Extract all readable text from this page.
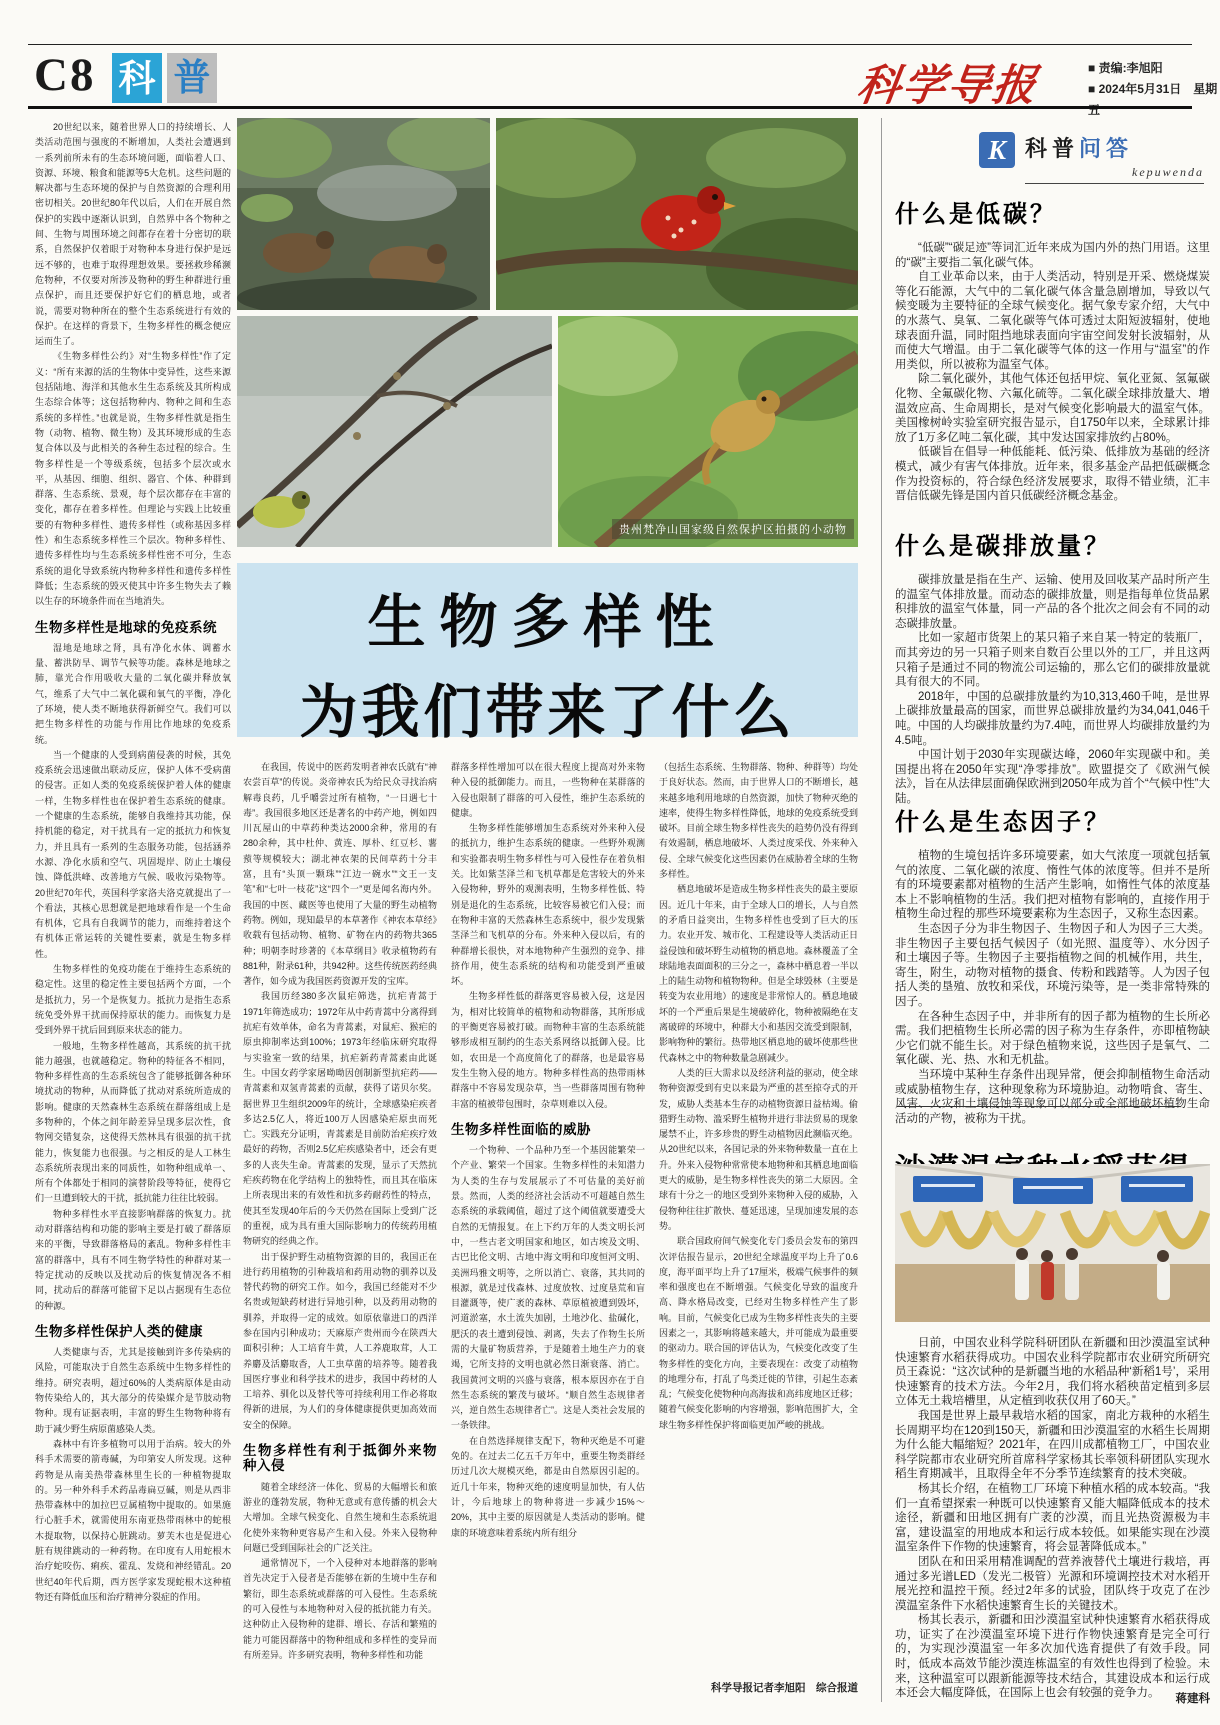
C8 科 普	科学导报	■ 责编:李旭阳
■ 2024年5月31日　星期五

20世纪以来，随着世界人口的持续增长、人类活动范围与强度的不断增加，人类社会遭遇到一系列前所未有的生态环境问题，面临着人口、资源、环境、粮食和能源等5大危机。这些问题的解决都与生态环境的保护与自然资源的合理利用密切相关。20世纪80年代以后，人们在开展自然保护的实践中逐渐认识到，自然界中各个物种之间、生物与周围环境之间都存在着十分密切的联系，自然保护仅着眼于对物种本身进行保护是远远不够的，也难于取得理想效果。要拯救珍稀濒危物种，不仅要对所涉及物种的野生种群进行重点保护，而且还要保护好它们的栖息地，或者说，需要对物种所在的整个生态系统进行有效的保护。在这样的背景下，生物多样性的概念便应运而生了。

《生物多样性公约》对“生物多样性”作了定义：“所有来源的活的生物体中变异性，这些来源包括陆地、海洋和其他水生生态系统及其所构成生态综合体等；这包括物种内、物种之间和生态系统的多样性。”也就是说，生物多样性就是指生物（动物、植物、微生物）及其环境形成的生态复合体以及与此相关的各种生态过程的综合。生物多样性是一个等级系统，包括多个层次或水平，从基因、细胞、组织、器官、个体、种群到群落、生态系统、景观，每个层次都存在丰富的变化，都存在着多样性。但理论与实践上比较重要的有物种多样性、遗传多样性（或称基因多样性）和生态系统多样性三个层次。物种多样性、遗传多样性均与生态系统多样性密不可分，生态系统的退化导致系统内物种多样性和遗传多样性降低；生态系统的毁灭使其中许多生物失去了赖以生存的环境条件而在当地消失。

生物多样性是地球的免疫系统

湿地是地球之肾，具有净化水体、调蓄水量、蓄洪防旱、调节气候等功能。森林是地球之肺，靠光合作用吸收大量的二氧化碳并释放氧气，维系了大气中二氧化碳和氧气的平衡，净化了环境，使人类不断地获得新鲜空气。我们可以把生物多样性的功能与作用比作地球的免疫系统。

当一个健康的人受到病菌侵袭的时候，其免疫系统会迅速做出联动反应，保护人体不受病菌的侵害。正如人类的免疫系统保护着人体的健康一样，生物多样性也在保护着生态系统的健康。一个健康的生态系统，能够自我维持其功能，保持机能的稳定，对干扰具有一定的抵抗力和恢复力，并且具有一系列的生态服务功能，包括涵养水源、净化水质和空气、巩固堤岸、防止土壤侵蚀、降低洪峰、改善地方气候、吸收污染物等。20世纪70年代，英国科学家洛夫洛克就提出了一个看法，其核心思想就是把地球看作是一个生命有机体，它具有自我调节的能力，而维持着这个有机体正常运转的关键性要素，就是生物多样性。

生物多样性的免疫功能在于维持生态系统的稳定性。这里的稳定性主要包括两个方面，一个是抵抗力，另一个是恢复力。抵抗力是指生态系统免受外界干扰而保持原状的能力。而恢复力是受到外界干扰后回到原来状态的能力。

一般地，生物多样性越高，其系统的抗干扰能力越强，也就越稳定。物种的特征各不相同，物种多样性高的生态系统包含了能够抵御各种环境扰动的物种，从而降低了扰动对系统所造成的影响。健康的天然森林生态系统在群落组成上是多物种的，个体之间年龄差异呈现多层次性，食物网交错复杂，这使得天然林具有很强的抗干扰能力，恢复能力也很强。与之相反的是人工林生态系统所表现出来的同质性，如物种组成单一、所有个体都处于相同的演替阶段等特征，使得它们一旦遭到较大的干扰，抵抗能力往往比较弱。

物种多样性水平直接影响群落的恢复力。扰动对群落结构和功能的影响主要是打破了群落原来的平衡，导致群落格局的紊乱。物种多样性丰富的群落中，具有不同生物学特性的种群对某一特定扰动的反映以及扰动后的恢复情况各不相同，扰动后的群落可能留下足以占据现有生态位的种源。

生物多样性保护人类的健康

人类健康与否，尤其是接触到许多传染病的风险，可能取决于自然生态系统中生物多样性的维持。研究表明，超过60%的人类病原体是由动物传染给人的，其大部分的传染媒介是节肢动物物种。现有证据表明，丰富的野生生物物种将有助于减少野生病原菌感染人类。

森林中有许多植物可以用于治病。较大的外科手术需要的箭毒碱，为印第安人所发现。这种药物是从南美热带森林里生长的一种植物提取的。另一种外科手术药品毒扁豆碱，则是从西非热带森林中的加拉巴豆属植物中提取的。如果施行心脏手术，就需使用东南亚热带雨林中的蛇根木提取物，以保持心脏跳动。萝芙木也是促进心脏有规律跳动的一种药物。在印度有人用蛇根木治疗蛇咬伤、痢疾、霍乱、发烧和神经错乱。20世纪40年代后期，西方医学家发现蛇根木这种植物还有降低血压和治疗精神分裂症的作用。

贵州梵净山国家级自然保护区拍摄的小动物
生物多样性
为我们带来了什么

在我国，传说中的医药发明者神农氏就有“神农尝百草”的传说。炎帝神农氏为给民众寻找治病解毒良药，几乎嚼尝过所有植物，“一日遇七十毒”。我国很多地区还是著名的中药产地，例如四川瓦屋山的中草药种类达2000余种，常用的有280余种，其中杜仲、黄连、厚朴、红豆杉、薯蓣等规模较大；湖北神农架的民间草药十分丰富，且有“头顶一颗珠”“江边一碗水”“文王一支笔”和“七叶一枝花”这“四个一”更是闻名海内外。我国的中医、藏医等也使用了大量的野生动植物药物。例如，现知最早的本草著作《神农本草经》收载有包括动物、植物、矿物在内的药物共365种；明朝李时珍著的《本草纲目》收录植物药有881种，附录61种，共942种。这些传统医药经典著作，如今成为我国医药资源开发的宝库。

我国历经380多次鼠疟筛选，抗疟青蒿于1971年筛选成功；1972年从中药青蒿中分离得到抗疟有效单体，命名为青蒿素，对鼠疟、猴疟的原虫抑制率达到100%；1973年经临床研究取得与实验室一致的结果，抗疟新药青蒿素由此诞生。中国女药学家屠呦呦因创制新型抗疟药——青蒿素和双氢青蒿素的贡献，获得了诺贝尔奖。据世界卫生组织2009年的统计，全球感染疟疾者多达2.5亿人，将近100万人因感染疟原虫而死亡。实践充分证明，青蒿素是目前防治疟疾疗效最好的药物，否则2.5亿疟疾感染者中，还会有更多的人丧失生命。青蒿素的发现，显示了天然抗疟疾药物在化学结构上的独特性，而且其在临床上所表现出来的有效性和抗多药耐药性的特点，使其至发现40年后的今天仍然在国际上受到广泛的重视，成为具有重大国际影响力的传统药用植物研究的经典之作。

出于保护野生动植物资源的目的，我国正在进行药用植物的引种栽培和药用动物的驯养以及替代药物的研究工作。如今，我国已经能对不少名贵或短缺药材进行异地引种，以及药用动物的驯养，并取得一定的成效。如原依靠进口的西洋参在国内引种成功；天麻原产贵州而今在陕西大面积引种；人工培育牛黄，人工养鹿取茸，人工养麝及活麝取香，人工虫草菌的培养等。随着我国医疗事业和科学技术的进步，我国中药材的人工培养、驯化以及替代等可持续利用工作必将取得新的进展，为人们的身体健康提供更加高效而安全的保障。

生物多样性有利于抵御外来物种入侵

随着全球经济一体化、贸易的大幅增长和旅游业的蓬勃发展，物种无意或有意传播的机会大大增加。全球气候变化、自然生境和生态系统退化使外来物种更容易产生和入侵。外来入侵物种问题已受到国际社会的广泛关注。

通常情况下，一个入侵种对本地群落的影响首先决定于入侵者是否能够在新的生境中生存和繁衍，即生态系统或群落的可入侵性。生态系统的可入侵性与本地物种对入侵的抵抗能力有关。这种防止入侵物种的建群、增长、存活和繁殖的能力可能因群落中的物种组成和多样性的变异而有所差异。许多研究表明，物种多样性和功能

群落多样性增加可以在很大程度上提高对外来物种入侵的抵御能力。而且，一些物种在某群落的入侵也限制了群落的可入侵性，维护生态系统的健康。

生物多样性能够增加生态系统对外来种入侵的抵抗力，维护生态系统的健康。一些野外观测和实验都表明生物多样性与可入侵性存在着负相关。比如紫茎泽兰和飞机草都是危害较大的外来入侵物种，野外的观测表明，生物多样性低、特别是退化的生态系统，比较容易被它们入侵；而在物种丰富的天然森林生态系统中，很少发现紫茎泽兰和飞机草的分布。外来种入侵以后，有的种群增长很快，对本地物种产生强烈的竞争、排挤作用，使生态系统的结构和功能受到严重破坏。

生物多样性低的群落更容易被入侵，这是因为，相对比较简单的植物和动物群落，其所形成的平衡更容易被打破。而物种丰富的生态系统能够形成相互制约的生态关系网络以抵御入侵。比如，农田是一个高度简化了的群落，也是最容易发生生物入侵的地方。物种多样性高的热带雨林群落中不容易发现杂草，当一些群落周围有物种丰富的植被带包围时，杂草则难以入侵。

生物多样性面临的威胁

一个物种、一个品种乃至一个基因能繁荣一个产业、繁荣一个国家。生物多样性的未知潜力为人类的生存与发展展示了不可估量的美好前景。然而，人类的经济社会活动不可超越自然生态系统的承载阈值，超过了这个阈值就要遭受大自然的无情报复。在上下约万年的人类文明长河中，一些古老文明国家和地区，如古埃及文明、古巴比伦文明、古地中海文明和印度恒河文明、美洲玛雅文明等，之所以消亡、衰落，其共同的根源，就是过伐森林、过度放牧、过度垦荒和盲目灌溉等，使广袤的森林、草原植被遭到毁坏，河道淤塞，水土流失加剧，土地沙化、盐碱化，肥沃的表土遭到侵蚀、剥离，失去了作物生长所需的大量矿物质营养，于是随着土地生产力的衰竭，它所支持的文明也就必然日渐衰落、消亡。我国黄河文明的兴盛与衰落，根本原因亦在于自然生态系统的繁茂与破坏。“顺自然生态规律者兴，逆自然生态规律者亡”。这是人类社会发展的一条铁律。

在自然选择规律支配下，物种灭绝是不可避免的。在过去二亿五千万年中，重要生物类群经历过几次大规模灭绝，都是由自然原因引起的。近几十年来，物种灭绝的速度明显加快，有人估计，今后地球上的物种将进一步减少15%～20%，其中主要的原因就是人类活动的影响。健康的环境意味着系统内所有组分

（包括生态系统、生物群落、物种、种群等）均处于良好状态。然而，由于世界人口的不断增长，越来越多地利用地球的自然资源，加快了物种灭绝的速率，使得生物多样性降低，地球的免疫系统受到破坏。目前全球生物多样性丧失的趋势仍没有得到有效遏制，栖息地破坏、人类过度采伐、外来种入侵、全球气候变化这些因素仍在威胁着全球的生物多样性。

栖息地破坏是造成生物多样性丧失的最主要原因。近几十年来，由于全球人口的增长，人与自然的矛盾日益突出，生物多样性也受到了巨大的压力。农业开发、城市化、工程建设等人类活动正日益侵蚀和破坏野生动植物的栖息地。森林覆盖了全球陆地表面面积的三分之一，森林中栖息着一半以上的陆生动物和植物物种。但是全球毁林（主要是转变为农业用地）的速度是非常惊人的。栖息地破坏的一个严重后果是生境破碎化，物种被隔绝在支离破碎的环境中，种群大小和基因交流受到限制，影响物种的繁衍。热带地区栖息地的破坏使那些世代森林之中的物种数量急剧减少。

人类的巨大需求以及经济利益的驱动，使全球物种资源受到有史以来最为严重的甚至掠夺式的开发，威胁人类基本生存的动植物资源日益枯竭。偷猎野生动物、滥采野生植物并进行非法贸易的现象屡禁不止，许多珍贵的野生动植物因此濒临灭绝。从20世纪以来，各国记录的外来物种数量一直在上升。外来入侵物种常常使本地物种和其栖息地面临更大的威胁，是生物多样性丧失的第二大原因。全球有十分之一的地区受到外来物种入侵的威胁，入侵物种往往扩散快、蔓延迅速，呈现加速发展的态势。

联合国政府间气候变化专门委员会发布的第四次评估报告显示，20世纪全球温度平均上升了0.6度，海平面平均上升了17厘米，极端气候事件的频率和强度也在不断增强。气候变化导致的温度升高、降水格局改变，已经对生物多样性产生了影响。目前，气候变化已成为生物多样性丧失的主要因素之一，其影响将越来越大，并可能成为最重要的驱动力。联合国的评估认为，气候变化改变了生物多样性的变化方向，主要表现在：改变了动植物的地理分布，打乱了鸟类迁徙的节律，引起生态紊乱；气候变化使物种向高海拔和高纬度地区迁移；随着气候变化影响的内容增强，影响范围扩大，全球生物多样性保护将面临更加严峻的挑战。

科学导报记者李旭阳　综合报道
K 科普问答
kepuwenda
什么是低碳？

“低碳”“碳足迹”等词汇近年来成为国内外的热门用语。这里的“碳”主要指二氧化碳气体。

自工业革命以来，由于人类活动，特别是开采、燃烧煤炭等化石能源，大气中的二氧化碳气体含量急剧增加，导致以气候变暖为主要特征的全球气候变化。据气象专家介绍，大气中的水蒸气、臭氧、二氧化碳等气体可透过太阳短波辐射，使地球表面升温，同时阻挡地球表面向宇宙空间发射长波辐射，从而使大气增温。由于二氧化碳等气体的这一作用与“温室”的作用类似，所以被称为温室气体。

除二氧化碳外，其他气体还包括甲烷、氧化亚氮、氢氟碳化物、全氟碳化物、六氟化硫等。二氧化碳全球排放量大、增温效应高、生命周期长，是对气候变化影响最大的温室气体。美国橡树岭实验室研究报告显示，自1750年以来，全球累计排放了1万多亿吨二氧化碳，其中发达国家排放约占80%。

低碳旨在倡导一种低能耗、低污染、低排放为基础的经济模式，减少有害气体排放。近年来，很多基金产品把低碳概念作为投资标的，符合绿色经济发展要求，取得不错业绩，汇丰晋信低碳先锋是国内首只低碳经济概念基金。

什么是碳排放量？

碳排放量是指在生产、运输、使用及回收某产品时所产生的温室气体排放量。而动态的碳排放量，则是指每单位货品累积排放的温室气体量，同一产品的各个批次之间会有不同的动态碳排放量。

比如一家超市货架上的某只箱子来自某一特定的装瓶厂，而其旁边的另一只箱子则来自数百公里以外的工厂，并且这两只箱子是通过不同的物流公司运输的，那么它们的碳排放量就具有很大的不同。

2018年，中国的总碳排放量约为10,313,460千吨，是世界上碳排放量最高的国家，而世界总碳排放量约为34,041,046千吨。中国的人均碳排放量约为7.4吨，而世界人均碳排放量约为4.5吨。

中国计划于2030年实现碳达峰，2060年实现碳中和。美国提出将在2050年实现“净零排放”。欧盟提交了《欧洲气候法》，旨在从法律层面确保欧洲到2050年成为首个“气候中性”大陆。

什么是生态因子？

植物的生境包括许多环境要素，如大气浓度一项就包括氧气的浓度、二氧化碳的浓度、惰性气体的浓度等。但并不是所有的环境要素都对植物的生活产生影响，如惰性气体的浓度基本上不影响植物的生活。我们把对植物有影响的，直接作用于植物生命过程的那些环境要素称为生态因子，又称生态因素。

生态因子分为非生物因子、生物因子和人为因子三大类。非生物因子主要包括气候因子（如光照、温度等）、水分因子和土壤因子等。生物因子主要指植物之间的机械作用，共生，寄生，附生，动物对植物的摄食、传粉和践踏等。人为因子包括人类的垦殖、放牧和采伐，环境污染等，是一类非常特殊的因子。

在各种生态因子中，并非所有的因子都为植物的生长所必需。我们把植物生长所必需的因子称为生存条件，亦即植物缺少它们就不能生长。对于绿色植物来说，这些因子是氧气、二氧化碳、光、热、水和无机盐。

当环境中某种生存条件出现异常，便会抑制植物生命活动或威胁植物生存，这种现象称为环境胁迫。动物啃食、寄生、风害、火灾和土壤侵蚀等现象可以部分或全部地破坏植物生命活动的产物，被称为干扰。

日前，中国农业科学院科研团队在新疆和田沙漠温室试种快速繁育水稻获得成功。中国农业科学院都市农业研究所研究员王森说：“这次试种的是新疆当地的水稻品种‘新稻1号’，采用快速繁育的技术方法。今年2月，我们将水稻秧苗定植到多层立体无土栽培槽里，从定植到收获仅用了60天。”

我国是世界上最早栽培水稻的国家，南北方栽种的水稻生长周期平均在120到150天，新疆和田沙漠温室的水稻生长周期为什么能大幅缩短？2021年，在四川成都植物工厂，中国农业科学院都市农业研究所首席科学家杨其长率领科研团队实现水稻生育期减半，且取得全年不分季节连续繁育的技术突破。

杨其长介绍，在植物工厂环境下种植水稻的成本较高。“我们一直希望探索一种既可以快速繁育又能大幅降低成本的技术途径，新疆和田地区拥有广袤的沙漠，而且光热资源极为丰富，建设温室的用地成本和运行成本较低。如果能实现在沙漠温室条件下作物的快速繁育，将会显著降低成本。”

团队在和田采用精准调配的营养液替代土壤进行栽培，再通过多光谱LED（发光二极管）光源和环境调控技术对水稻开展光控和温控干预。经过2年多的试验，团队终于攻克了在沙漠温室条件下水稻快速繁育生长的关键技术。

杨其长表示，新疆和田沙漠温室试种快速繁育水稻获得成功，证实了在沙漠温室环境下进行作物快速繁育是完全可行的，为实现沙漠温室一年多次加代选育提供了有效手段。同时，低成本高效节能沙漠连栋温室的有效性也得到了检验。未来，这种温室可以跟新能源等技术结合，其建设成本和运行成本还会大幅度降低，在国际上也会有较强的竞争力。	蒋建科
